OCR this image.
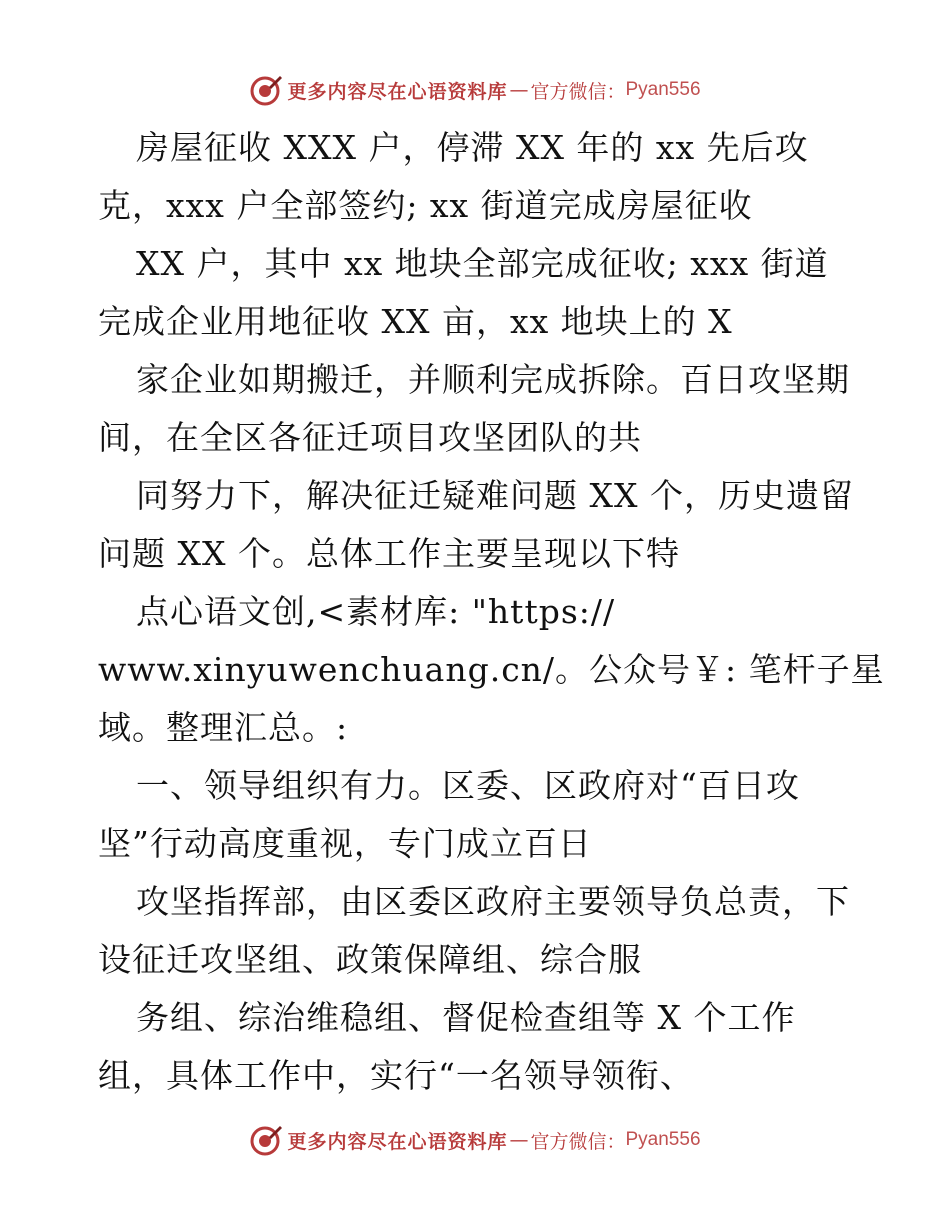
更多内容尽在心语资料库 — 官方微信： Pyan556
房屋征收 XXX 户，停滞 XX 年的 xx 先后攻
克，xxx 户全部签约; xx 街道完成房屋征收
XX 户，其中 xx 地块全部完成征收; xxx 街道
完成企业用地征收 XX 亩，xx 地块上的 X
家企业如期搬迁，并顺利完成拆除。百日攻坚期
间，在全区各征迁项目攻坚团队的共
同努力下，解决征迁疑难问题 XX 个，历史遗留
问题 XX 个。总体工作主要呈现以下特
点心语文创,<素材库: "https://
www.xinyuwenchuang.cn/。公众号￥: 笔杆子星
域。整理汇总。:
一、领导组织有力。区委、区政府对“百日攻
坚”行动高度重视，专门成立百日
攻坚指挥部，由区委区政府主要领导负总责，下
设征迁攻坚组、政策保障组、综合服
务组、综治维稳组、督促检查组等 X 个工作
组，具体工作中，实行“一名领导领衔、
更多内容尽在心语资料库 — 官方微信： Pyan556
